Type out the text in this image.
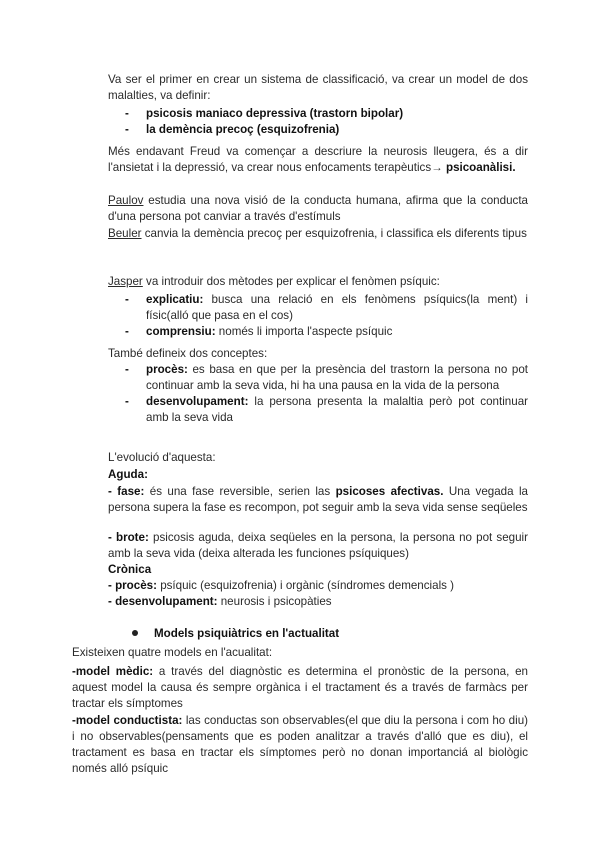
Va ser el primer en crear un sistema de classificació, va crear un model de dos malalties, va definir:

- psicosis maniaco depressiva (trastorn bipolar)
- la demència precoç (esquizofrenia)

Més endavant Freud va començar a descriure la neurosis lleugera, és a dir l'ansietat i la depressió, va crear nous enfocaments terapèutics→ psicoanàlisi.

Paulov estudia una nova visió de la conducta humana, afirma que la conducta d'una persona pot canviar a través d'estímuls

Beuler canvia la demència precoç per esquizofrenia, i classifica els diferents tipus

Jasper va introduir dos mètodes per explicar el fenòmen psíquic:

- explicatiu: busca una relació en els fenòmens psíquics(la ment) i físic(alló que pasa en el cos)
- comprensiu: només li importa l'aspecte psíquic

També defineix dos conceptes:

- procès: es basa en que per la presència del trastorn la persona no pot continuar amb la seva vida, hi ha una pausa en la vida de la persona
- desenvolupament: la persona presenta la malaltia però pot continuar amb la seva vida

L'evolució d'aquesta:

Aguda:

- fase: és una fase reversible, serien las psicoses afectivas. Una vegada la persona supera la fase es recompon, pot seguir amb la seva vida sense seqüeles

- brote: psicosis aguda, deixa seqüeles en la persona, la persona no pot seguir amb la seva vida (deixa alterada les funciones psíquiques)

Crònica

- procès: psíquic (esquizofrenia) i orgànic (síndromes demencials )

- desenvolupament: neurosis i psicopàties

Models psiquiàtrics en l'actualitat

Existeixen quatre models en l'acualitat:

-model mèdic: a través del diagnòstic es determina el pronòstic de la persona, en aquest model la causa és sempre orgànica i el tractament és a través de farmàcs per tractar els símptomes

-model conductista: las conductas son observables(el que diu la persona i com ho diu) i no observables(pensaments que es poden analitzar a través d'alló que es diu), el tractament es basa en tractar els símptomes però no donan importanciá al biològic només alló psíquic
